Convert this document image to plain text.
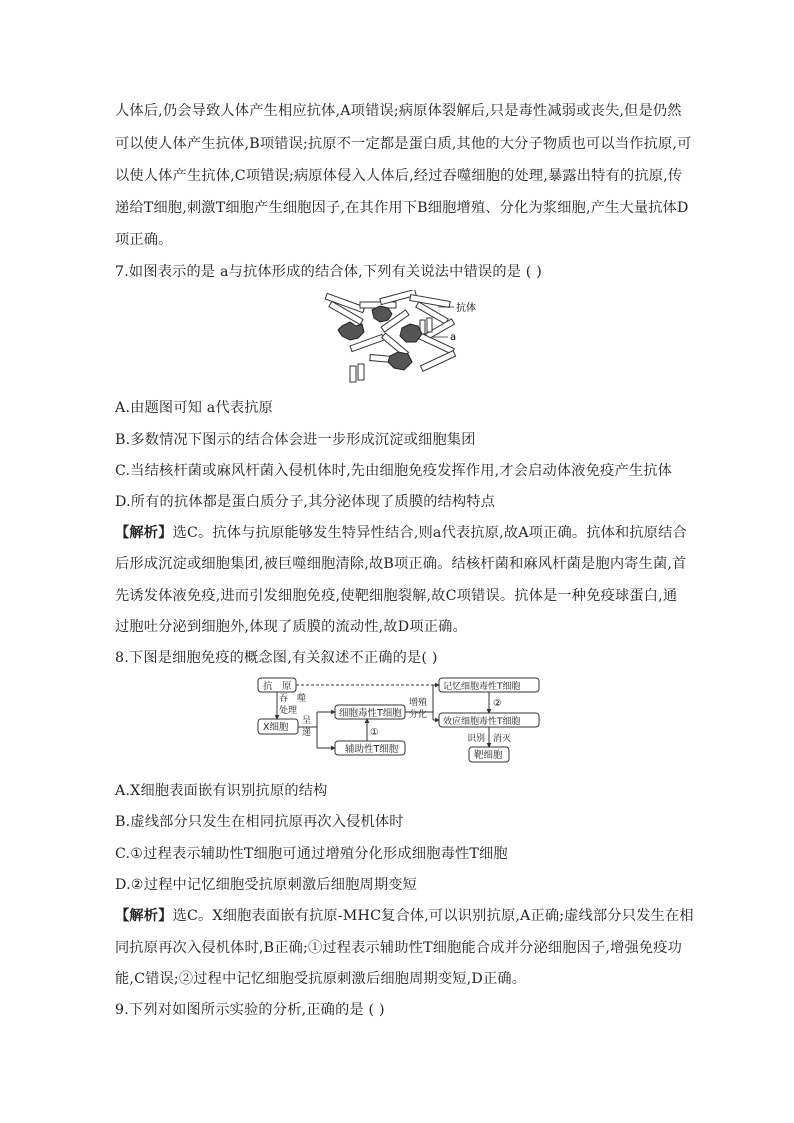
人体后,仍会导致人体产生相应抗体,A项错误;病原体裂解后,只是毒性减弱或丧失,但是仍然
可以使人体产生抗体,B项错误;抗原不一定都是蛋白质,其他的大分子物质也可以当作抗原,可
以使人体产生抗体,C项错误;病原体侵入人体后,经过吞噬细胞的处理,暴露出特有的抗原,传
递给T细胞,刺激T细胞产生细胞因子,在其作用下B细胞增殖、分化为浆细胞,产生大量抗体D
项正确。
7.如图表示的是 a与抗体形成的结合体,下列有关说法中错误的是 ( )
抗体
a
A.由题图可知 a代表抗原
B.多数情况下图示的结合体会进一步形成沉淀或细胞集团
C.当结核杆菌或麻风杆菌入侵机体时,先由细胞免疫发挥作用,才会启动体液免疫产生抗体
D.所有的抗体都是蛋白质分子,其分泌体现了质膜的结构特点
【解析】选C。抗体与抗原能够发生特异性结合,则a代表抗原,故A项正确。抗体和抗原结合
后形成沉淀或细胞集团,被巨噬细胞清除,故B项正确。结核杆菌和麻风杆菌是胞内寄生菌,首
先诱发体液免疫,进而引发细胞免疫,使靶细胞裂解,故C项错误。抗体是一种免疫球蛋白,通
过胞吐分泌到细胞外,体现了质膜的流动性,故D项正确。
8.下图是细胞免疫的概念图,有关叙述不正确的是( )
抗　原
X细胞
吞　噬
处理
呈
递
细胞毒性T细胞
辅助性T细胞
①
增殖
分化
记忆细胞毒性T细胞
②
效应细胞毒性T细胞
识别 消灭
靶细胞
A.X细胞表面嵌有识别抗原的结构
B.虚线部分只发生在相同抗原再次入侵机体时
C.①过程表示辅助性T细胞可通过增殖分化形成细胞毒性T细胞
D.②过程中记忆细胞受抗原刺激后细胞周期变短
【解析】选C。X细胞表面嵌有抗原-MHC复合体,可以识别抗原,A正确;虚线部分只发生在相
同抗原再次入侵机体时,B正确;①过程表示辅助性T细胞能合成并分泌细胞因子,增强免疫功
能,C错误;②过程中记忆细胞受抗原刺激后细胞周期变短,D正确。
9.下列对如图所示实验的分析,正确的是 ( )
